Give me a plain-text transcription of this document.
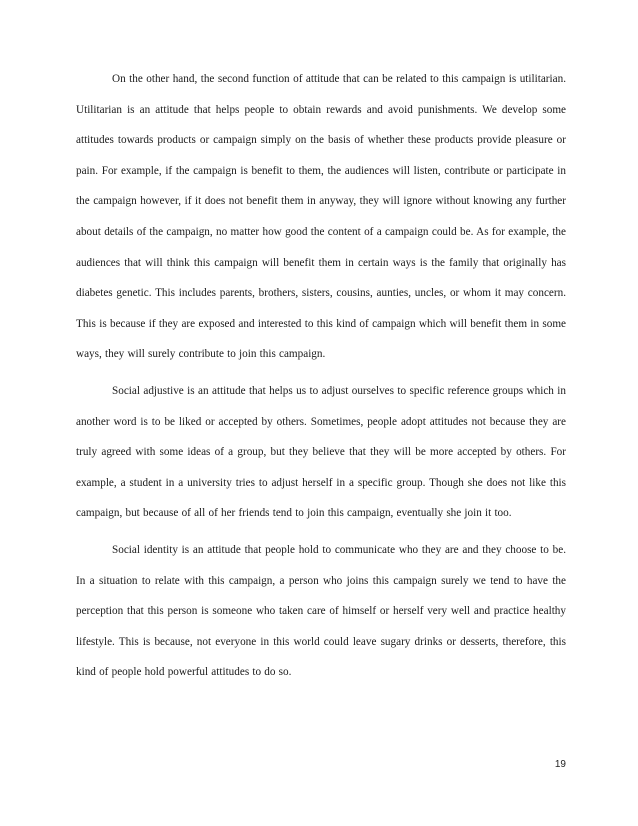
On the other hand, the second function of attitude that can be related to this campaign is utilitarian. Utilitarian is an attitude that helps people to obtain rewards and avoid punishments. We develop some attitudes towards products or campaign simply on the basis of whether these products provide pleasure or pain. For example, if the campaign is benefit to them, the audiences will listen, contribute or participate in the campaign however, if it does not benefit them in anyway, they will ignore without knowing any further about details of the campaign, no matter how good the content of a campaign could be. As for example, the audiences that will think this campaign will benefit them in certain ways is the family that originally has diabetes genetic. This includes parents, brothers, sisters, cousins, aunties, uncles, or whom it may concern. This is because if they are exposed and interested to this kind of campaign which will benefit them in some ways, they will surely contribute to join this campaign.

Social adjustive is an attitude that helps us to adjust ourselves to specific reference groups which in another word is to be liked or accepted by others. Sometimes, people adopt attitudes not because they are truly agreed with some ideas of a group, but they believe that they will be more accepted by others. For example, a student in a university tries to adjust herself in a specific group. Though she does not like this campaign, but because of all of her friends tend to join this campaign, eventually she join it too.

Social identity is an attitude that people hold to communicate who they are and they choose to be. In a situation to relate with this campaign, a person who joins this campaign surely we tend to have the perception that this person is someone who taken care of himself or herself very well and practice healthy lifestyle. This is because, not everyone in this world could leave sugary drinks or desserts, therefore, this kind of people hold powerful attitudes to do so.

19
